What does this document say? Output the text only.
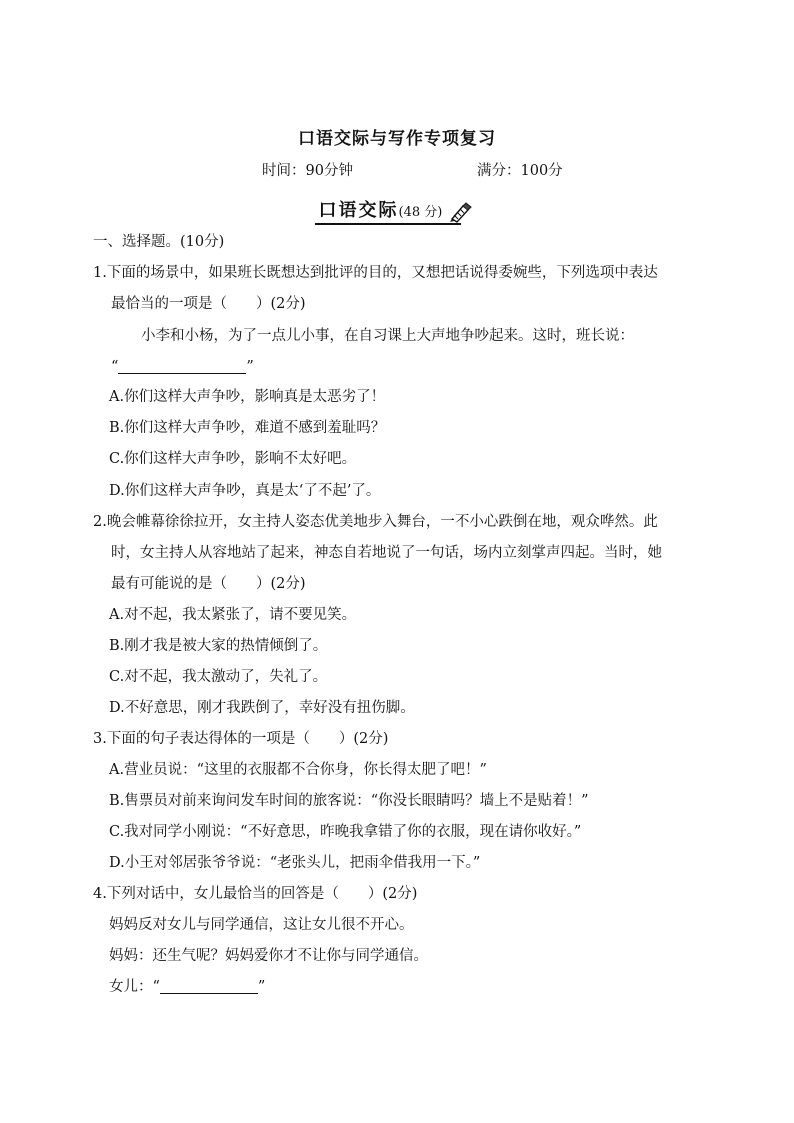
口语交际与写作专项复习
时间：90分钟	满分：100分
口语交际(48 分)
一、选择题。(10分)
1.下面的场景中，如果班长既想达到批评的目的，又想把话说得委婉些，下列选项中表达
最恰当的一项是（　　）(2分)
小李和小杨，为了一点儿小事，在自习课上大声地争吵起来。这时，班长说：
“	”
A.你们这样大声争吵，影响真是太恶劣了！
B.你们这样大声争吵，难道不感到羞耻吗？
C.你们这样大声争吵，影响不太好吧。
D.你们这样大声争吵，真是太‘了不起’了。
2.晚会帷幕徐徐拉开，女主持人姿态优美地步入舞台，一不小心跌倒在地，观众哗然。此
时，女主持人从容地站了起来，神态自若地说了一句话，场内立刻掌声四起。当时，她
最有可能说的是（　　）(2分)
A.对不起，我太紧张了，请不要见笑。
B.刚才我是被大家的热情倾倒了。
C.对不起，我太激动了，失礼了。
D.不好意思，刚才我跌倒了，幸好没有扭伤脚。
3.下面的句子表达得体的一项是（　　）(2分)
A.营业员说：“这里的衣服都不合你身，你长得太肥了吧！”
B.售票员对前来询问发车时间的旅客说：“你没长眼睛吗？墙上不是贴着！”
C.我对同学小刚说：“不好意思，昨晚我拿错了你的衣服，现在请你收好。”
D.小王对邻居张爷爷说：“老张头儿，把雨伞借我用一下。”
4.下列对话中，女儿最恰当的回答是（　　）(2分)
妈妈反对女儿与同学通信，这让女儿很不开心。
妈妈：还生气呢？妈妈爱你才不让你与同学通信。
女儿：“	”
